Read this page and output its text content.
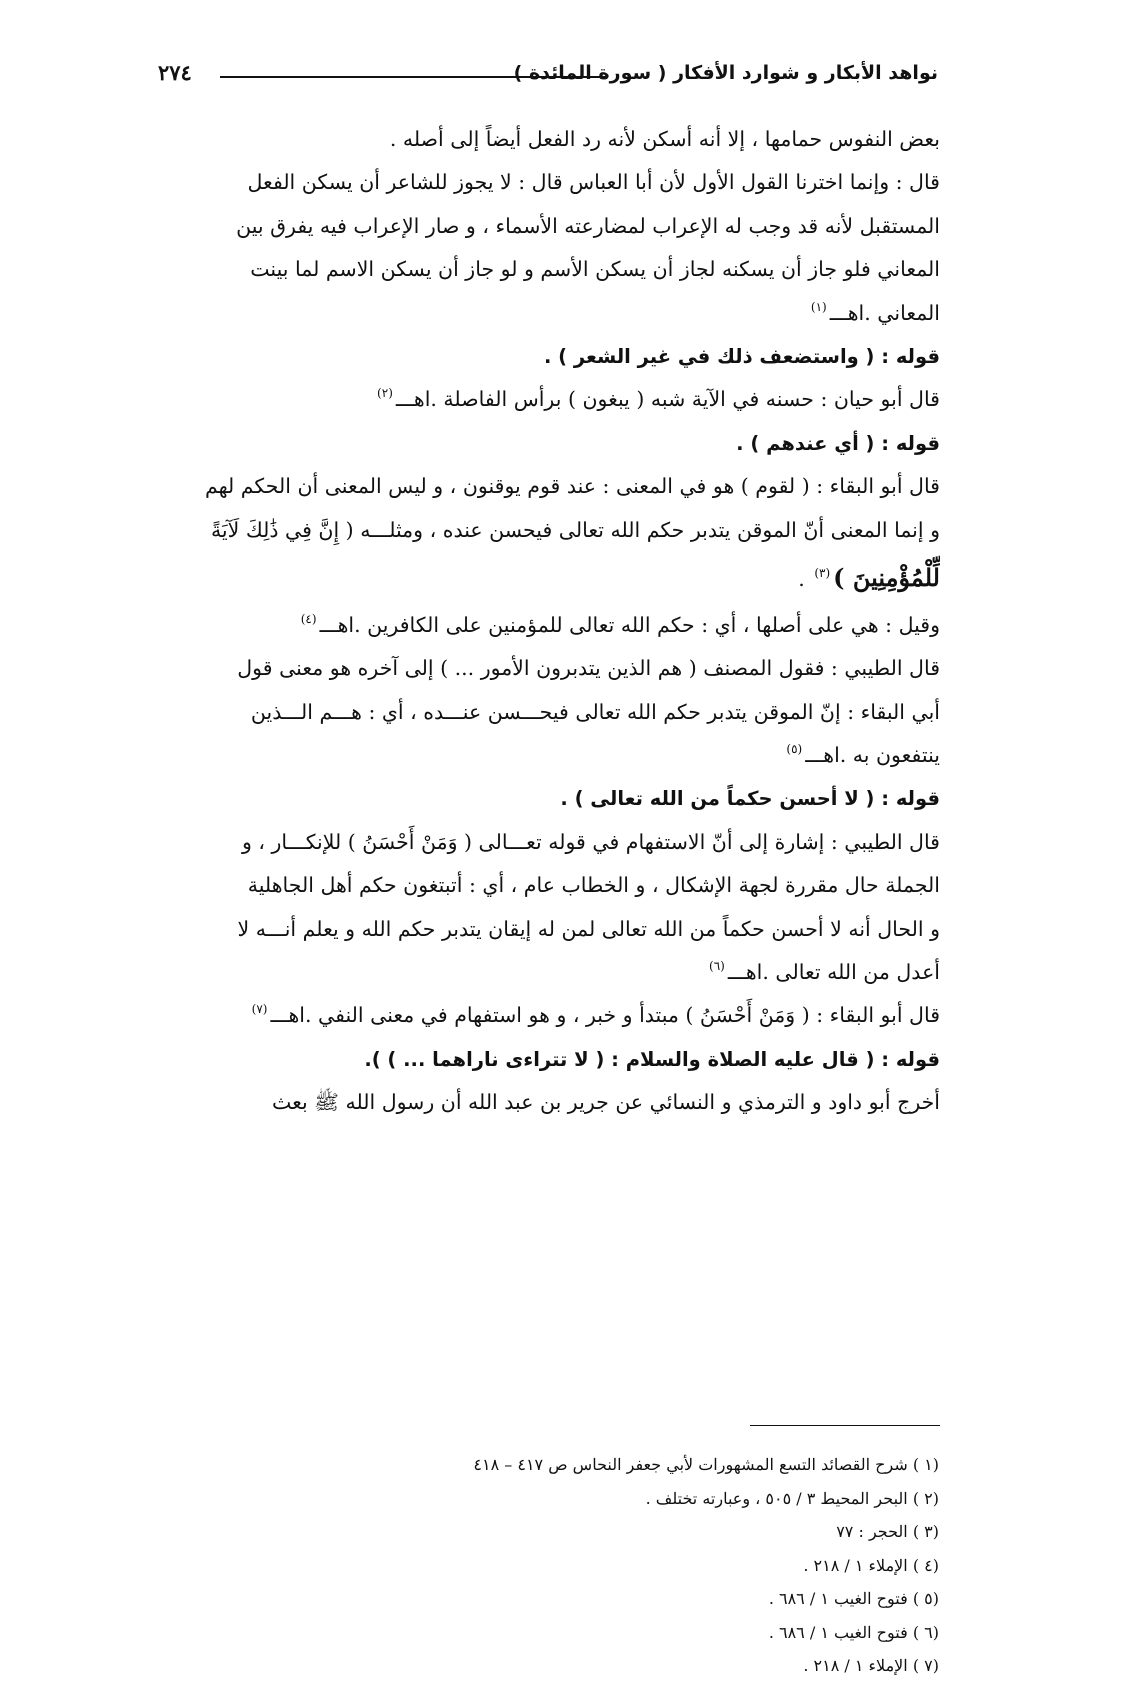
نواهد الأبكار و شوارد الأفكار ( سورة المائدة )
٢٧٤
بعض النفوس حمامها ، إلا أنه أسكن لأنه رد الفعل أيضاً إلى أصله .
قال : وإنما اخترنا القول الأول لأن أبا العباس قال : لا يجوز للشاعر أن يسكن الفعل
المستقبل لأنه قد وجب له الإعراب لمضارعته الأسماء ، و صار الإعراب فيه يفرق بين
المعاني فلو جاز أن يسكنه لجاز أن يسكن الأسم و لو جاز أن يسكن الاسم لما بينت
المعاني .اهـــ$^{(١)}$
قوله : ( واستضعف ذلك في غير الشعر ) .
قال أبو حيان : حسنه في الآية شبه ( يبغون ) برأس الفاصلة .اهـــ$^{(٢)}$
قوله : ( أي عندهم ) .
قال أبو البقاء : ( لقوم ) هو في المعنى : عند قوم يوقنون ، و ليس المعنى أن الحكم لهم
و إنما المعنى أنّ الموقن يتدبر حكم الله تعالى فيحسن عنده ، ومثلـــه ( إِنَّ فِي ذَٰلِكَ لَآيَةً
لِّلْمُؤْمِنِينَ )$^{(٣)}$ .
وقيل : هي على أصلها ، أي : حكم الله تعالى للمؤمنين على الكافرين .اهـــ$^{(٤)}$
قال الطيبي : فقول المصنف ( هم الذين يتدبرون الأمور ... ) إلى آخره هو معنى قول
أبي البقاء : إنّ الموقن يتدبر حكم الله تعالى فيحـــسن عنـــده ، أي : هـــم الـــذين
ينتفعون به .اهـــ$^{(٥)}$
قوله : ( لا أحسن حكماً من الله تعالى ) .
قال الطيبي : إشارة إلى أنّ الاستفهام في قوله تعـــالى ( وَمَنْ أَحْسَنُ ) للإنكـــار ، و
الجملة حال مقررة لجهة الإشكال ، و الخطاب عام ، أي : أتبتغون حكم أهل الجاهلية
و الحال أنه لا أحسن حكماً من الله تعالى لمن له إيقان يتدبر حكم الله و يعلم أنـــه لا
أعدل من الله تعالى .اهـــ$^{(٦)}$
قال أبو البقاء : ( وَمَنْ أَحْسَنُ ) مبتدأ و خبر ، و هو استفهام في معنى النفي .اهـــ$^{(٧)}$
قوله : ( قال عليه الصلاة والسلام : ( لا تتراءى ناراهما ... ) ).
أخرج أبو داود و الترمذي و النسائي عن جرير بن عبد الله أن رسول الله ﷺ بعث
(١ ) شرح القصائد التسع المشهورات لأبي جعفر النحاس ص ٤١٧ – ٤١٨
(٢ ) البحر المحيط ٣ / ٥٠٥ ، وعبارته تختلف .
(٣ ) الحجر : ٧٧
(٤ ) الإملاء ١ / ٢١٨ .
(٥ ) فتوح الغيب ١ / ٦٨٦ .
(٦ ) فتوح الغيب ١ / ٦٨٦ .
(٧ ) الإملاء ١ / ٢١٨ .
